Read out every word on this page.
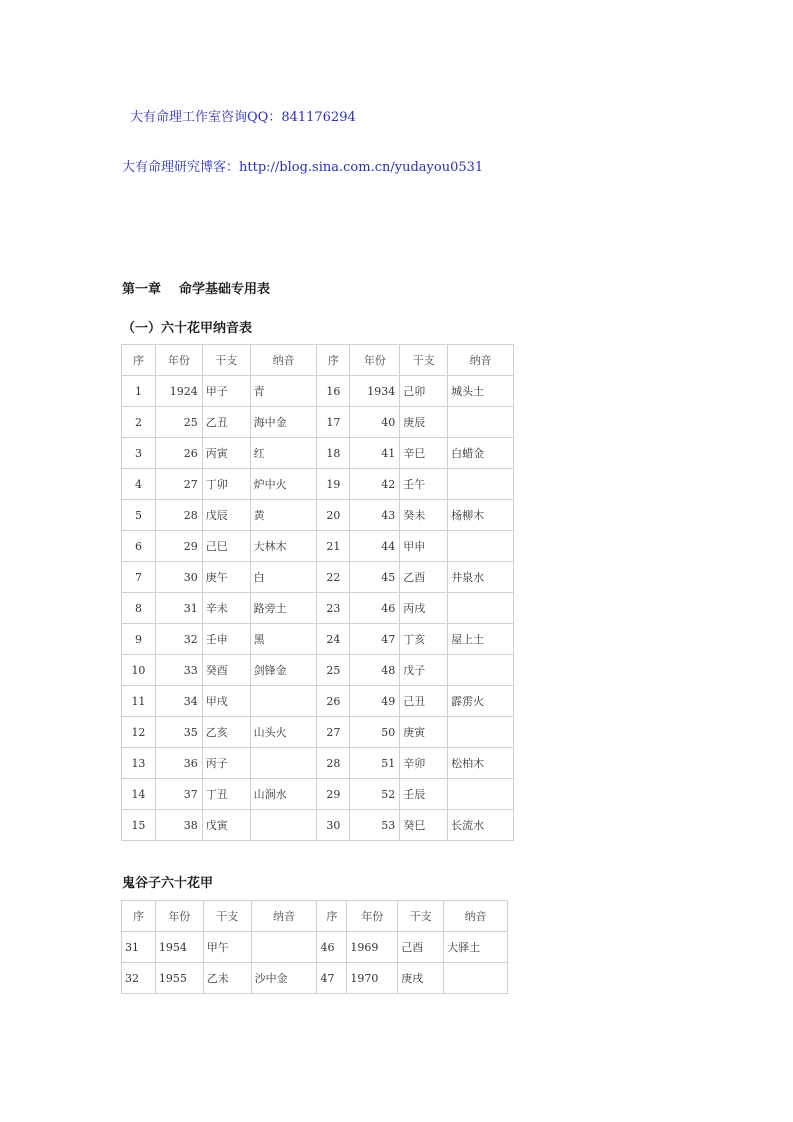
大有命理工作室咨询QQ：841176294
大有命理研究博客：http://blog.sina.com.cn/yudayou0531
第一章 命学基础专用表
（一）六十花甲纳音表
序	年份	干支	纳音	序	年份	干支	纳音
1	1924	甲子	青	16	1934	己卯	城头土
2	25	乙丑	海中金	17	40	庚辰	
3	26	丙寅	红	18	41	辛巳	白蜡金
4	27	丁卯	炉中火	19	42	壬午	
5	28	戊辰	黄	20	43	癸未	杨柳木
6	29	己巳	大林木	21	44	甲申	
7	30	庚午	白	22	45	乙酉	井泉水
8	31	辛未	路旁土	23	46	丙戌	
9	32	壬申	黑	24	47	丁亥	屋上土
10	33	癸酉	剑锋金	25	48	戊子	
11	34	甲戌		26	49	己丑	霹雳火
12	35	乙亥	山头火	27	50	庚寅	
13	36	丙子		28	51	辛卯	松柏木
14	37	丁丑	山涧水	29	52	壬辰	
15	38	戊寅		30	53	癸巳	长流水
鬼谷子六十花甲
序	年份	干支	纳音	序	年份	干支	纳音
31	1954	甲午		46	1969	己酉	大驿土
32	1955	乙未	沙中金	47	1970	庚戌	
